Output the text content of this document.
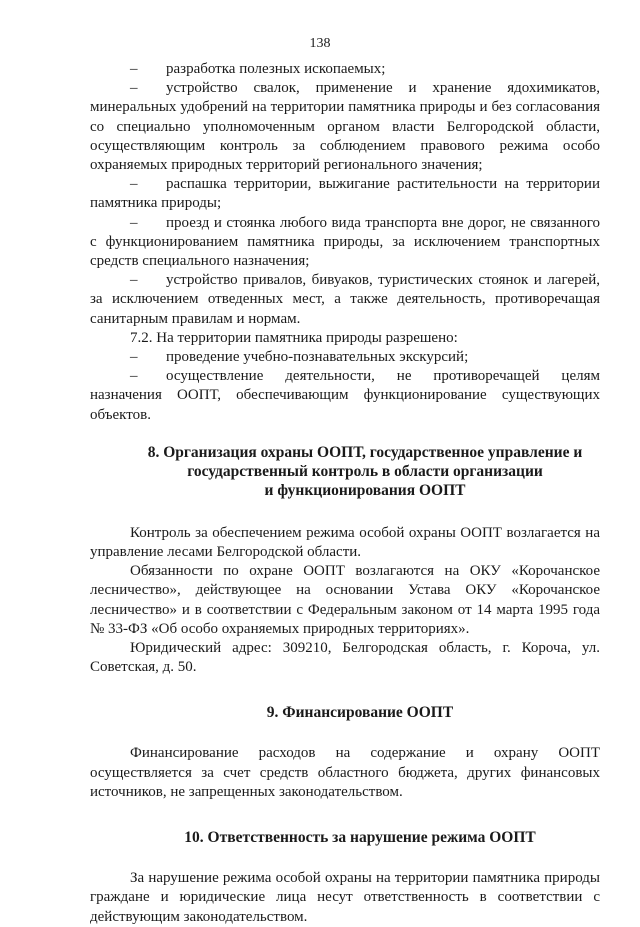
138

– разработка полезных ископаемых;

– устройство свалок, применение и хранение ядохимикатов, минеральных удобрений на территории памятника природы и без согласования со специально уполномоченным органом власти Белгородской области, осуществляющим контроль за соблюдением правового режима особо охраняемых природных территорий регионального значения;

– распашка территории, выжигание растительности на территории памятника природы;

– проезд и стоянка любого вида транспорта вне дорог, не связанного с функционированием памятника природы, за исключением транспортных средств специального назначения;

– устройство привалов, бивуаков, туристических стоянок и лагерей, за исключением отведенных мест, а также деятельность, противоречащая санитарным правилам и нормам.

7.2. На территории памятника природы разрешено:

– проведение учебно-познавательных экскурсий;

– осуществление деятельности, не противоречащей целям назначения ООПТ, обеспечивающим функционирование существующих объектов.

8. Организация охраны ООПТ, государственное управление и
государственный контроль в области организации
и функционирования ООПТ

Контроль за обеспечением режима особой охраны ООПТ возлагается на управление лесами Белгородской области.

Обязанности по охране ООПТ возлагаются на ОКУ «Корочанское лесничество», действующее на основании Устава ОКУ «Корочанское лесничество» и в соответствии с Федеральным законом от 14 марта 1995 года № 33-ФЗ «Об особо охраняемых природных территориях».

Юридический адрес: 309210, Белгородская область, г. Короча, ул. Советская, д. 50.

9. Финансирование ООПТ

Финансирование расходов на содержание и охрану ООПТ осуществляется за счет средств областного бюджета, других финансовых источников, не запрещенных законодательством.

10. Ответственность за нарушение режима ООПТ

За нарушение режима особой охраны на территории памятника природы граждане и юридические лица несут ответственность в соответствии с действующим законодательством.
